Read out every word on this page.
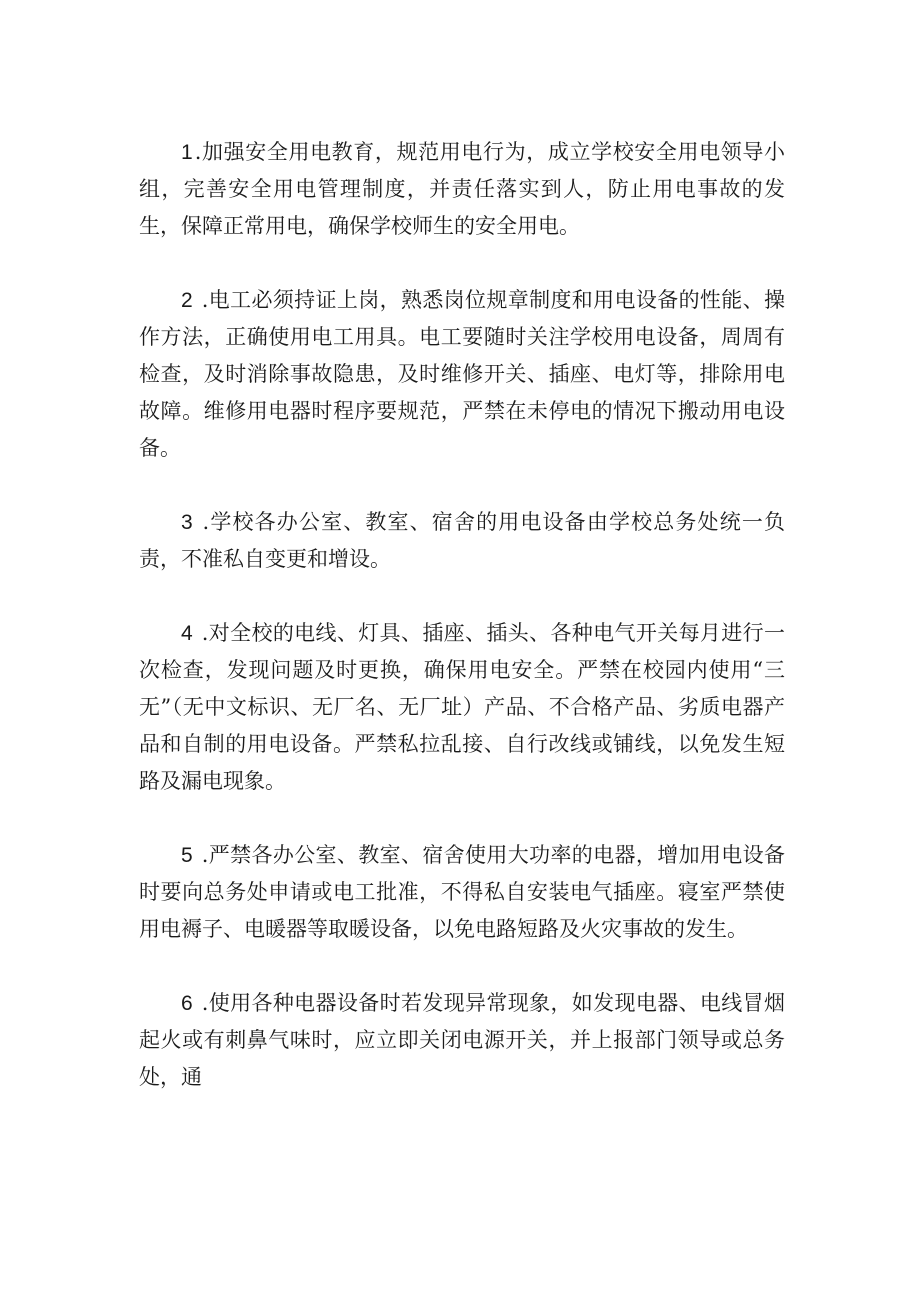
1.加强安全用电教育，规范用电行为，成立学校安全用电领导小组，完善安全用电管理制度，并责任落实到人，防止用电事故的发生，保障正常用电，确保学校师生的安全用电。

2 .电工必须持证上岗，熟悉岗位规章制度和用电设备的性能、操作方法，正确使用电工用具。电工要随时关注学校用电设备，周周有检查，及时消除事故隐患，及时维修开关、插座、电灯等，排除用电故障。维修用电器时程序要规范，严禁在未停电的情况下搬动用电设备。

3 .学校各办公室、教室、宿舍的用电设备由学校总务处统一负责，不准私自变更和增设。

4 .对全校的电线、灯具、插座、插头、各种电气开关每月进行一次检查，发现问题及时更换，确保用电安全。严禁在校园内使用“三无”（无中文标识、无厂名、无厂址）产品、不合格产品、劣质电器产品和自制的用电设备。严禁私拉乱接、自行改线或铺线，以免发生短路及漏电现象。

5 .严禁各办公室、教室、宿舍使用大功率的电器，增加用电设备时要向总务处申请或电工批准，不得私自安装电气插座。寝室严禁使用电褥子、电暖器等取暖设备，以免电路短路及火灾事故的发生。

6 .使用各种电器设备时若发现异常现象，如发现电器、电线冒烟起火或有刺鼻气味时，应立即关闭电源开关，并上报部门领导或总务处，通
